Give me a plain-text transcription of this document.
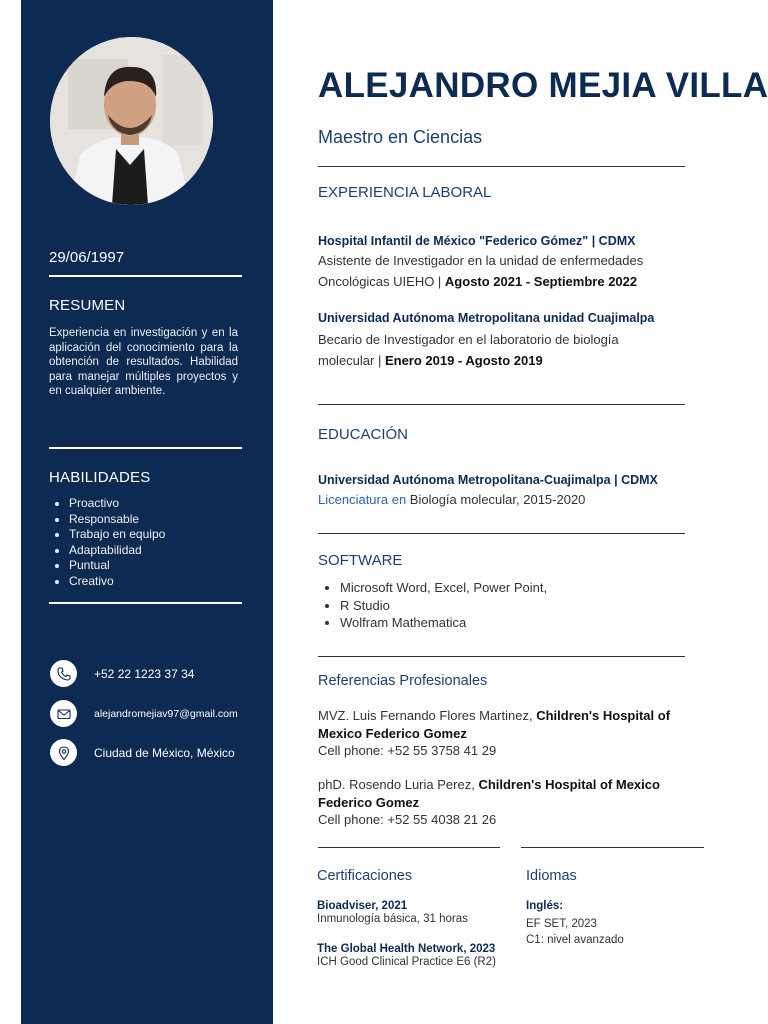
29/06/1997
RESUMEN
Experiencia en investigación y en la aplicación del conocimiento para la obtención de resultados. Habilidad para manejar múltiples proyectos y en cualquier ambiente.
HABILIDADES
• Proactivo
• Responsable
• Trabajo en equipo
• Adaptabilidad
• Puntual
• Creativo
+52 22 1223 37 34
alejandromejiav97@gmail.com
Ciudad de México, México
ALEJANDRO MEJIA VILLA
Maestro en Ciencias
EXPERIENCIA LABORAL
Hospital Infantil de México "Federico Gómez" | CDMX
Asistente de Investigador en la unidad de enfermedades Oncológicas UIEHO | Agosto 2021 - Septiembre 2022
Universidad Autónoma Metropolitana unidad Cuajimalpa
Becario de Investigador en el laboratorio de biología molecular | Enero 2019 - Agosto 2019
EDUCACIÓN
Universidad Autónoma Metropolitana-Cuajimalpa | CDMX
Licenciatura en Biología molecular, 2015-2020
SOFTWARE
• Microsoft Word, Excel, Power Point,
• R Studio
• Wolfram Mathematica
Referencias Profesionales
MVZ. Luis Fernando Flores Martinez, Children's Hospital of Mexico Federico Gomez
Cell phone: +52 55 3758 41 29
phD. Rosendo Luria Perez, Children's Hospital of Mexico Federico Gomez
Cell phone: +52 55 4038 21 26
Certificaciones
Bioadviser, 2021
Inmunología básica, 31 horas
The Global Health Network, 2023
ICH Good Clinical Practice E6 (R2)
Idiomas
Inglés:
EF SET, 2023
C1: nivel avanzado
